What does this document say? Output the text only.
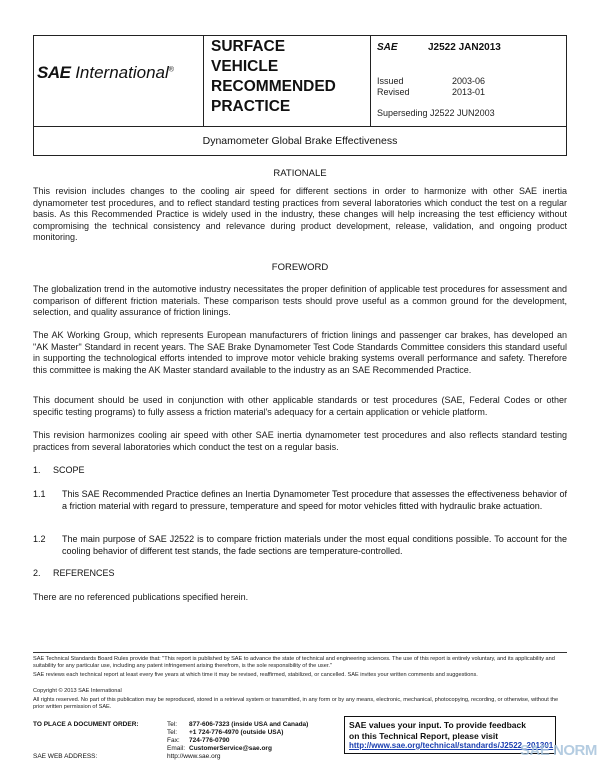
SAE International®
SURFACE
VEHICLE
RECOMMENDED
PRACTICE
SAE	J2522 JAN2013
Issued	2003-06
Revised	2013-01
Superseding J2522 JUN2003
Dynamometer Global Brake Effectiveness
RATIONALE
This revision includes changes to the cooling air speed for different sections in order to harmonize with other SAE inertia dynamometer test procedures, and to reflect standard testing practices from several laboratories which conduct the test on a regular basis. As this Recommended Practice is widely used in the industry, these changes will help increasing the test efficiency without compromising the technical consistency and relevance during product development, release, validation, and ongoing product monitoring.
FOREWORD
The globalization trend in the automotive industry necessitates the proper definition of applicable test procedures for assessment and comparison of different friction materials. These comparison tests should prove useful as a common ground for the development, selection, and quality assurance of friction linings.
The AK Working Group, which represents European manufacturers of friction linings and passenger car brakes, has developed an "AK Master" Standard in recent years. The SAE Brake Dynamometer Test Code Standards Committee considers this standard useful in supporting the technological efforts intended to improve motor vehicle braking systems overall performance and safety. Therefore this committee is making the AK Master standard available to the industry as an SAE Recommended Practice.
This document should be used in conjunction with other applicable standards or test procedures (SAE, Federal Codes or other specific testing programs) to fully assess a friction material's adequacy for a certain application or vehicle platform.
This revision harmonizes cooling air speed with other SAE inertia dynamometer test procedures and also reflects standard testing practices from several laboratories which conduct the test on a regular basis.
1. SCOPE
1.1 This SAE Recommended Practice defines an Inertia Dynamometer Test procedure that assesses the effectiveness behavior of a friction material with regard to pressure, temperature and speed for motor vehicles fitted with hydraulic brake actuation.
1.2 The main purpose of SAE J2522 is to compare friction materials under the most equal conditions possible. To account for the cooling behavior of different test stands, the fade sections are temperature-controlled.
2. REFERENCES
There are no referenced publications specified herein.
SAE Technical Standards Board Rules provide that: "This report is published by SAE to advance the state of technical and engineering sciences. The use of this report is entirely voluntary, and its applicability and suitability for any particular use, including any patent infringement arising therefrom, is the sole responsibility of the user."
SAE reviews each technical report at least every five years at which time it may be revised, reaffirmed, stabilized, or cancelled. SAE invites your written comments and suggestions.
Copyright © 2013 SAE International
All rights reserved. No part of this publication may be reproduced, stored in a retrieval system or transmitted, in any form or by any means, electronic, mechanical, photocopying, recording, or otherwise, without the prior written permission of SAE.
TO PLACE A DOCUMENT ORDER:	Tel: 877-606-7323 (inside USA and Canada)
Tel: +1 724-776-4970 (outside USA)
Fax: 724-776-0790
Email: CustomerService@sae.org
SAE WEB ADDRESS:	http://www.sae.org
SAE values your input. To provide feedback
on this Technical Report, please visit
http://www.sae.org/technical/standards/J2522_201301
SAE NORM
